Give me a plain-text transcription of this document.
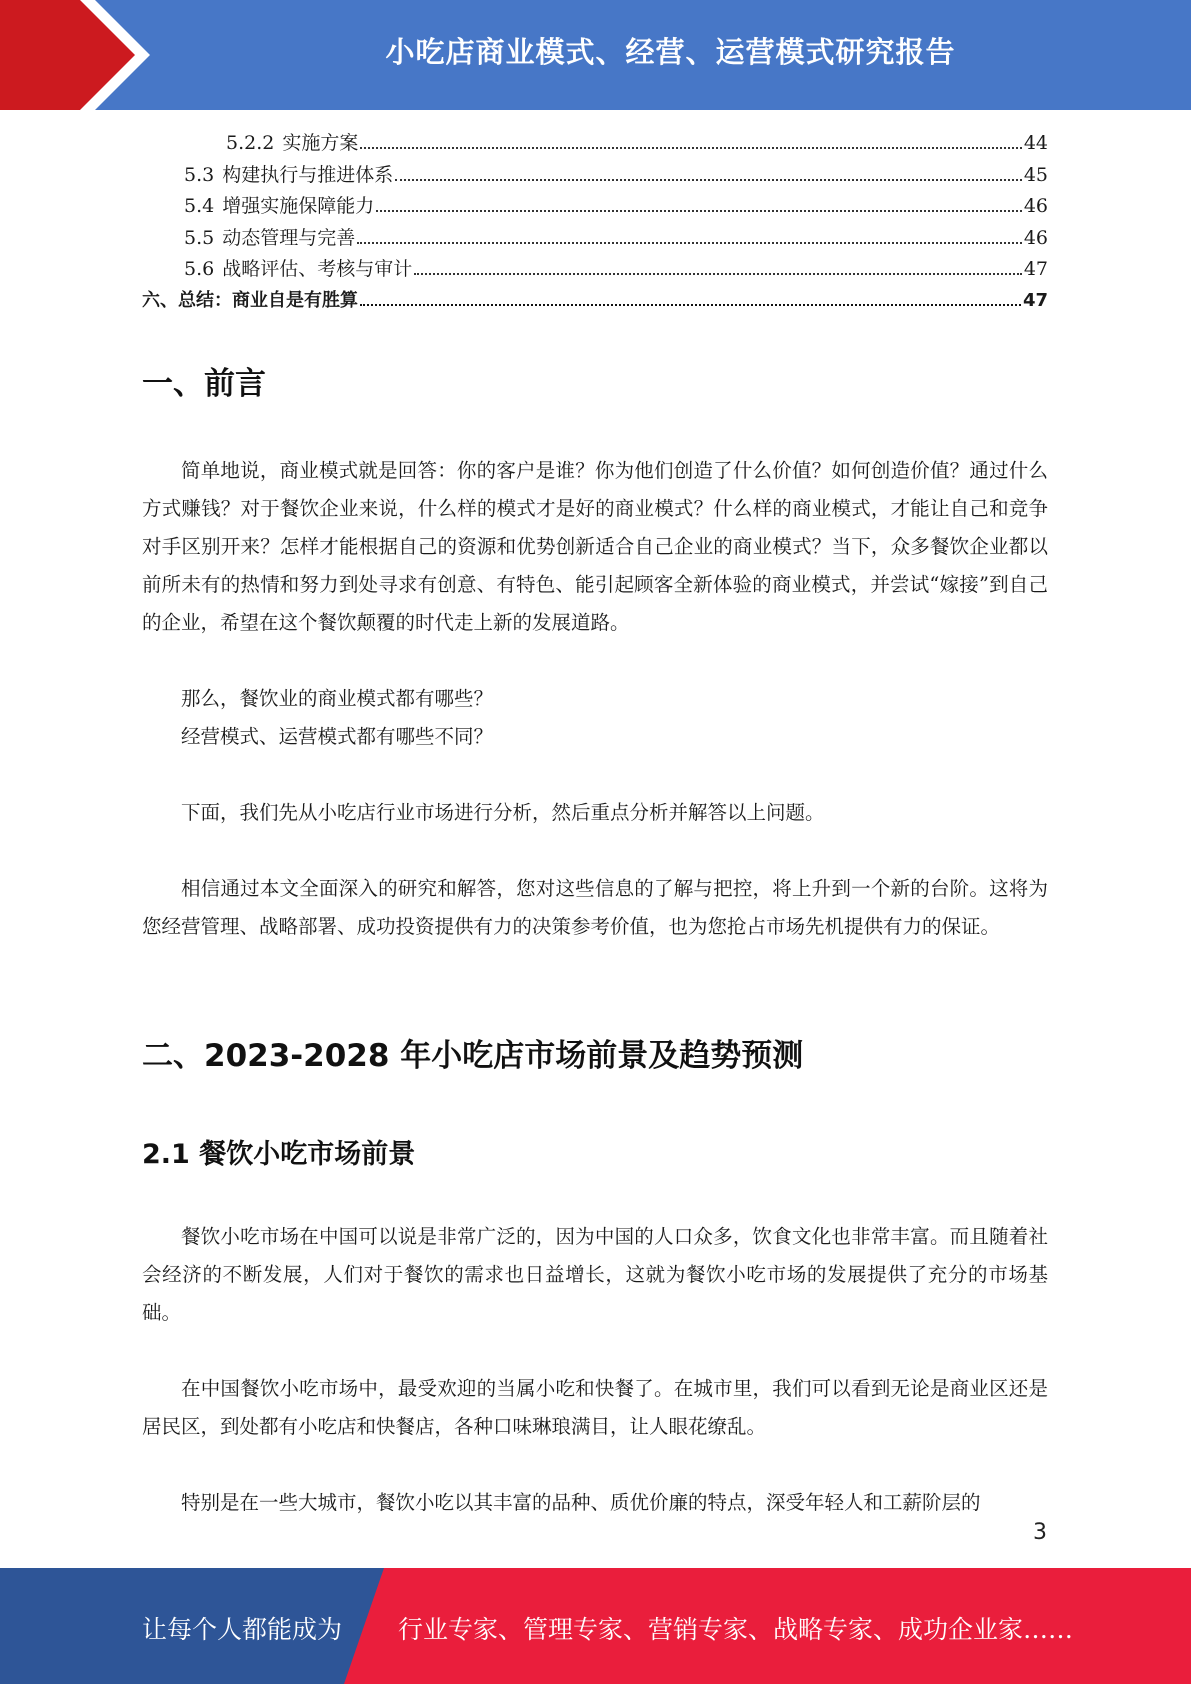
小吃店商业模式、经营、运营模式研究报告
5.2.2 实施方案	44
5.3 构建执行与推进体系	45
5.4 增强实施保障能力	46
5.5 动态管理与完善	46
5.6 战略评估、考核与审计	47
六、总结：商业自是有胜算	47
一、前言

简单地说，商业模式就是回答：你的客户是谁？你为他们创造了什么价值？如何创造价值？通过什么方式赚钱？对于餐饮企业来说，什么样的模式才是好的商业模式？什么样的商业模式，才能让自己和竞争对手区别开来？怎样才能根据自己的资源和优势创新适合自己企业的商业模式？当下，众多餐饮企业都以前所未有的热情和努力到处寻求有创意、有特色、能引起顾客全新体验的商业模式，并尝试“嫁接”到自己的企业，希望在这个餐饮颠覆的时代走上新的发展道路。

那么，餐饮业的商业模式都有哪些？

经营模式、运营模式都有哪些不同？

下面，我们先从小吃店行业市场进行分析，然后重点分析并解答以上问题。

相信通过本文全面深入的研究和解答，您对这些信息的了解与把控，将上升到一个新的台阶。这将为您经营管理、战略部署、成功投资提供有力的决策参考价值，也为您抢占市场先机提供有力的保证。

二、2023-2028 年小吃店市场前景及趋势预测
2.1 餐饮小吃市场前景

餐饮小吃市场在中国可以说是非常广泛的，因为中国的人口众多，饮食文化也非常丰富。而且随着社会经济的不断发展，人们对于餐饮的需求也日益增长，这就为餐饮小吃市场的发展提供了充分的市场基础。

在中国餐饮小吃市场中，最受欢迎的当属小吃和快餐了。在城市里，我们可以看到无论是商业区还是居民区，到处都有小吃店和快餐店，各种口味琳琅满目，让人眼花缭乱。

特别是在一些大城市，餐饮小吃以其丰富的品种、质优价廉的特点，深受年轻人和工薪阶层的

3
让每个人都能成为 行业专家、管理专家、营销专家、战略专家、成功企业家……
